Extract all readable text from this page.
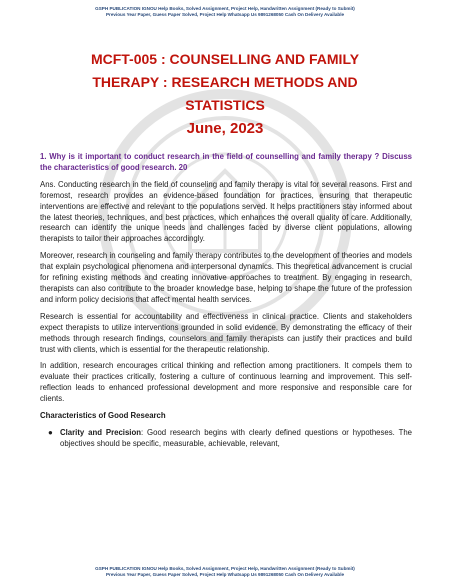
GSPH PUBLICATION IGNOU Help Books, Solved Assignment, Project Help, Handwritten Assignment (Ready to Submit)
Previous Year Paper, Guess Paper Solved, Project Help Whatsapp Us 9891268050 Cash On Delivery Available
MCFT-005 : COUNSELLING AND FAMILY
THERAPY : RESEARCH METHODS AND
STATISTICS
June, 2023

1. Why is it important to conduct research in the field of counselling and family therapy ? Discuss the characteristics of good research. 20

Ans. Conducting research in the field of counseling and family therapy is vital for several reasons. First and foremost, research provides an evidence-based foundation for practices, ensuring that therapeutic interventions are effective and relevant to the populations served. It helps practitioners stay informed about the latest theories, techniques, and best practices, which enhances the overall quality of care. Additionally, research can identify the unique needs and challenges faced by diverse client populations, allowing therapists to tailor their approaches accordingly.

Moreover, research in counseling and family therapy contributes to the development of theories and models that explain psychological phenomena and interpersonal dynamics. This theoretical advancement is crucial for refining existing methods and creating innovative approaches to treatment. By engaging in research, therapists can also contribute to the broader knowledge base, helping to shape the future of the profession and inform policy decisions that affect mental health services.

Research is essential for accountability and effectiveness in clinical practice. Clients and stakeholders expect therapists to utilize interventions grounded in solid evidence. By demonstrating the efficacy of their methods through research findings, counselors and family therapists can justify their practices and build trust with clients, which is essential for the therapeutic relationship.

In addition, research encourages critical thinking and reflection among practitioners. It compels them to evaluate their practices critically, fostering a culture of continuous learning and improvement. This self-reflection leads to enhanced professional development and more responsive and responsible care for clients.

Characteristics of Good Research

● Clarity and Precision: Good research begins with clearly defined questions or hypotheses. The objectives should be specific, measurable, achievable, relevant,
GSPH PUBLICATION IGNOU Help Books, Solved Assignment, Project Help, Handwritten Assignment (Ready to Submit)
Previous Year Paper, Guess Paper Solved, Project Help Whatsapp Us 9891268050 Cash On Delivery Available
